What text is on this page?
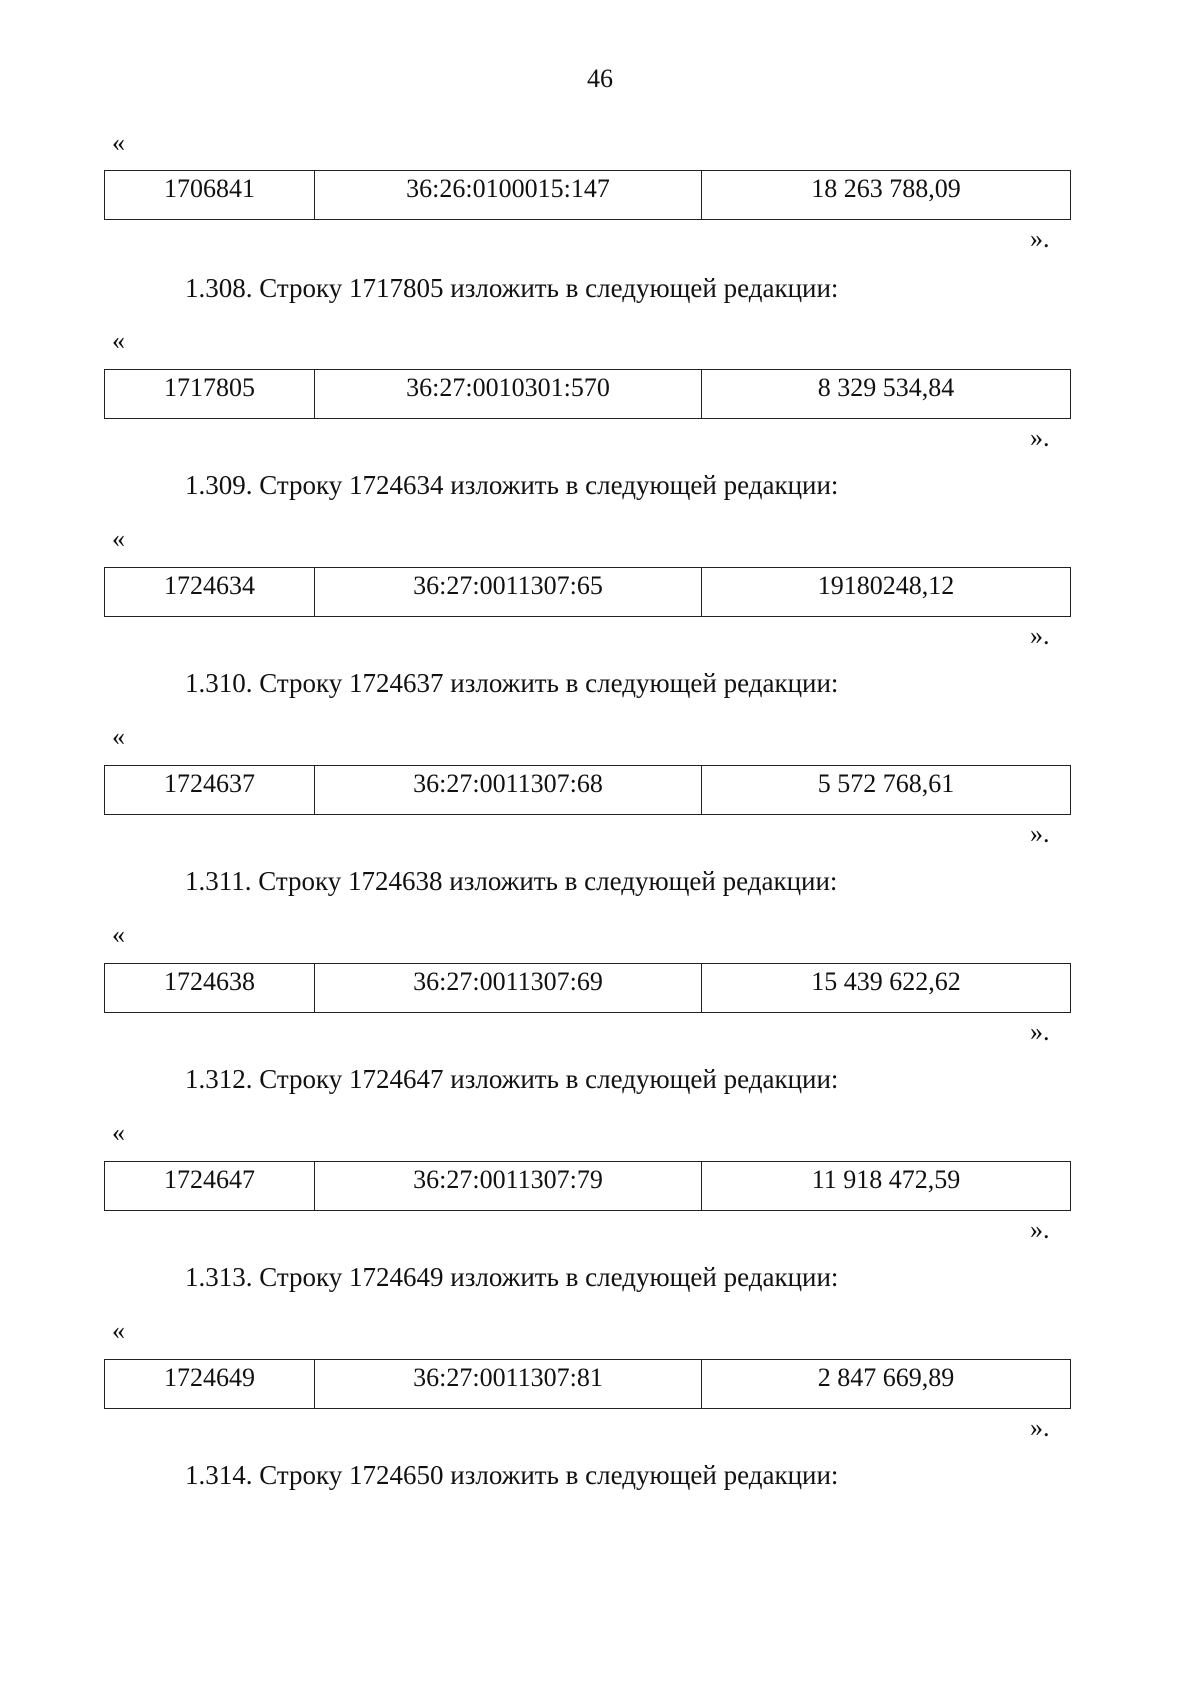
46
«
1706841	36:26:0100015:147	18 263 788,09
».
1.308. Строку 1717805 изложить в следующей редакции:
«
1717805	36:27:0010301:570	8 329 534,84
».
1.309. Строку 1724634 изложить в следующей редакции:
«
1724634	36:27:0011307:65	19180248,12
».
1.310. Строку 1724637 изложить в следующей редакции:
«
1724637	36:27:0011307:68	5 572 768,61
».
1.311. Строку 1724638 изложить в следующей редакции:
«
1724638	36:27:0011307:69	15 439 622,62
».
1.312. Строку 1724647 изложить в следующей редакции:
«
1724647	36:27:0011307:79	11 918 472,59
».
1.313. Строку 1724649 изложить в следующей редакции:
«
1724649	36:27:0011307:81	2 847 669,89
».
1.314. Строку 1724650 изложить в следующей редакции:
